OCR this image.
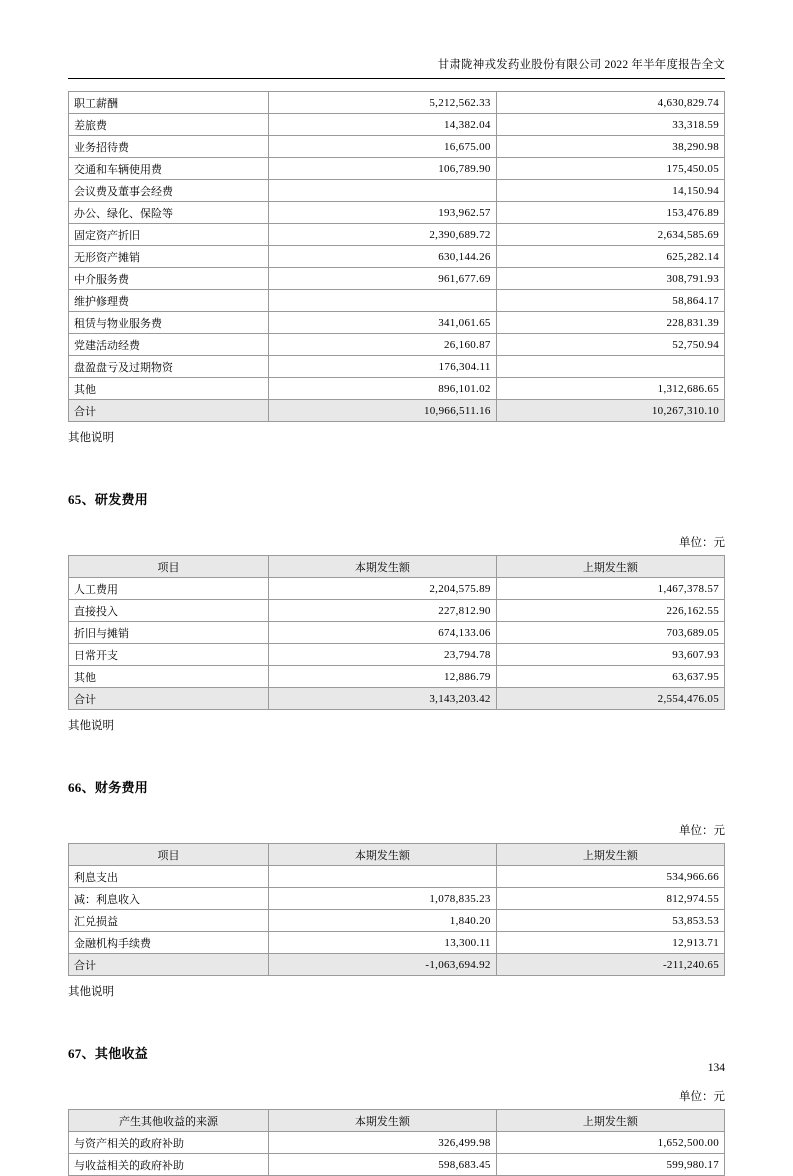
甘肃陇神戎发药业股份有限公司 2022 年半年度报告全文
职工薪酬	5,212,562.33	4,630,829.74
差旅费	14,382.04	33,318.59
业务招待费	16,675.00	38,290.98
交通和车辆使用费	106,789.90	175,450.05
会议费及董事会经费		14,150.94
办公、绿化、保险等	193,962.57	153,476.89
固定资产折旧	2,390,689.72	2,634,585.69
无形资产摊销	630,144.26	625,282.14
中介服务费	961,677.69	308,791.93
维护修理费		58,864.17
租赁与物业服务费	341,061.65	228,831.39
党建活动经费	26,160.87	52,750.94
盘盈盘亏及过期物资	176,304.11	
其他	896,101.02	1,312,686.65
合计	10,966,511.16	10,267,310.10

其他说明

65、研发费用
单位：元
项目	本期发生额	上期发生额
人工费用	2,204,575.89	1,467,378.57
直接投入	227,812.90	226,162.55
折旧与摊销	674,133.06	703,689.05
日常开支	23,794.78	93,607.93
其他	12,886.79	63,637.95
合计	3,143,203.42	2,554,476.05

其他说明

66、财务费用
单位：元
项目	本期发生额	上期发生额
利息支出		534,966.66
减：利息收入	1,078,835.23	812,974.55
汇兑损益	1,840.20	53,853.53
金融机构手续费	13,300.11	12,913.71
合计	-1,063,694.92	-211,240.65

其他说明

67、其他收益
单位：元
产生其他收益的来源	本期发生额	上期发生额
与资产相关的政府补助	326,499.98	1,652,500.00
与收益相关的政府补助	598,683.45	599,980.17
134
